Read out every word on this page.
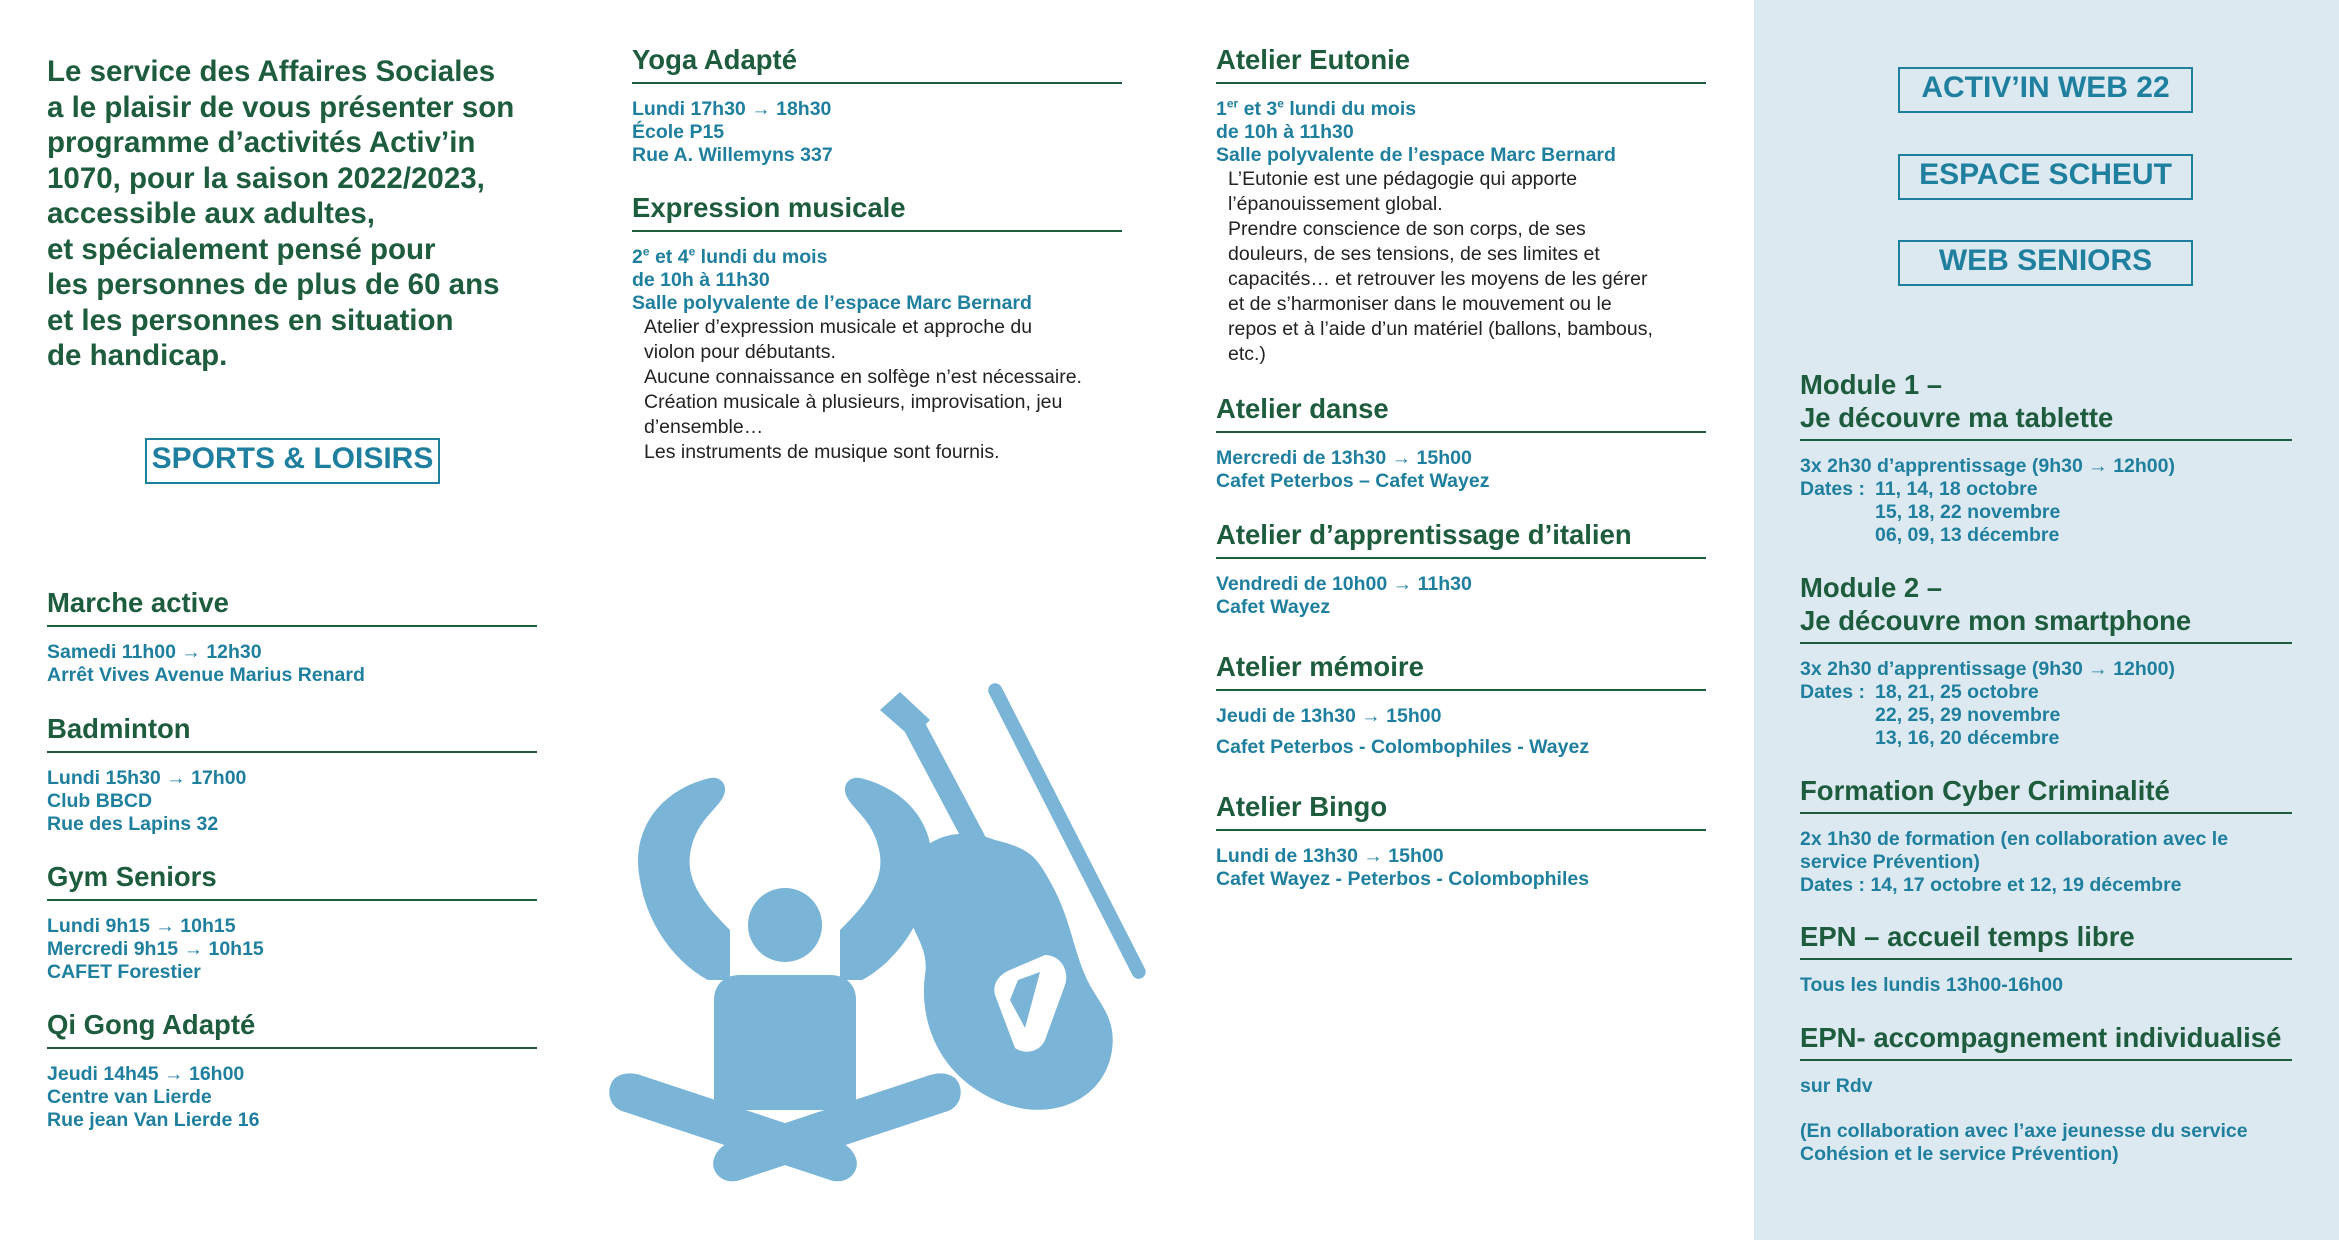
Le service des Affaires Sociales
a le plaisir de vous présenter son
programme d’activités Activ’in
1070, pour la saison 2022/2023,
accessible aux adultes,
et spécialement pensé pour
les personnes de plus de 60 ans
et les personnes en situation
de handicap.
SPORTS & LOISIRS
Marche active
Samedi 11h00 → 12h30
Arrêt Vives Avenue Marius Renard
Badminton
Lundi 15h30 → 17h00
Club BBCD
Rue des Lapins 32
Gym Seniors
Lundi 9h15 → 10h15
Mercredi 9h15 → 10h15
CAFET Forestier
Qi Gong Adapté
Jeudi 14h45 → 16h00
Centre van Lierde
Rue jean Van Lierde 16
Yoga Adapté
Lundi 17h30 → 18h30
École P15
Rue A. Willemyns 337
Expression musicale
2e et 4e lundi du mois
de 10h à 11h30
Salle polyvalente de l’espace Marc Bernard
Atelier d’expression musicale et approche du
violon pour débutants.
Aucune connaissance en solfège n’est nécessaire.
Création musicale à plusieurs, improvisation, jeu
d’ensemble…
Les instruments de musique sont fournis.
Atelier Eutonie
1er et 3e lundi du mois
de 10h à 11h30
Salle polyvalente de l’espace Marc Bernard
L’Eutonie est une pédagogie qui apporte
l’épanouissement global.
Prendre conscience de son corps, de ses
douleurs, de ses tensions, de ses limites et
capacités… et retrouver les moyens de les gérer
et de s’harmoniser dans le mouvement ou le
repos et à l’aide d’un matériel (ballons, bambous,
etc.)
Atelier danse
Mercredi de 13h30 → 15h00
Cafet Peterbos – Cafet Wayez
Atelier d’apprentissage d’italien
Vendredi de 10h00 → 11h30
Cafet Wayez
Atelier mémoire
Jeudi de 13h30 → 15h00
Cafet Peterbos - Colombophiles - Wayez
Atelier Bingo
Lundi de 13h30 → 15h00
Cafet Wayez - Peterbos - Colombophiles
ACTIV’IN WEB 22
ESPACE SCHEUT
WEB SENIORS
Module 1 –
Je découvre ma tablette
3x 2h30 d’apprentissage (9h30 → 12h00)
Dates : 11, 14, 18 octobre
15, 18, 22 novembre
06, 09, 13 décembre
Module 2 –
Je découvre mon smartphone
3x 2h30 d’apprentissage (9h30 → 12h00)
Dates : 18, 21, 25 octobre
22, 25, 29 novembre
13, 16, 20 décembre
Formation Cyber Criminalité
2x 1h30 de formation (en collaboration avec le
service Prévention)
Dates : 14, 17 octobre et 12, 19 décembre
EPN – accueil temps libre
Tous les lundis 13h00-16h00
EPN- accompagnement individualisé
sur Rdv
(En collaboration avec l’axe jeunesse du service
Cohésion et le service Prévention)
